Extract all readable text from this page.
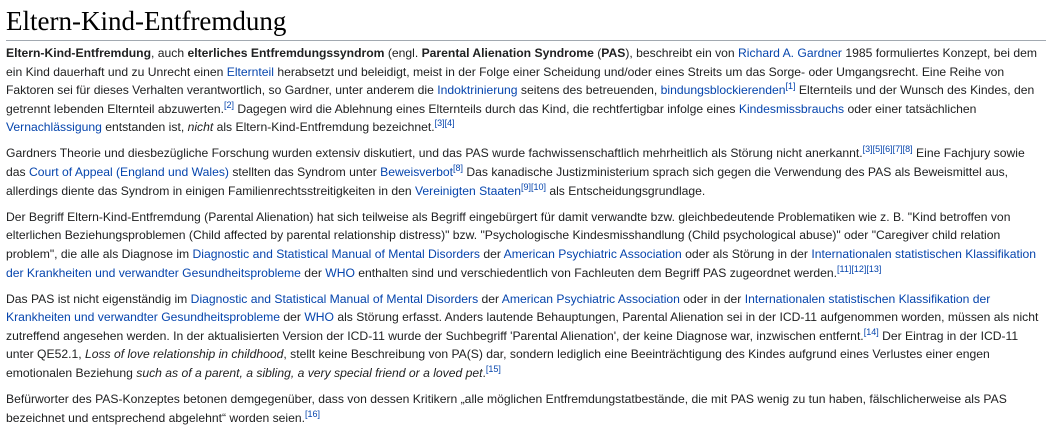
Eltern-Kind-Entfremdung

Eltern-Kind-Entfremdung, auch elterliches Entfremdungssyndrom (engl. Parental Alienation Syndrome (PAS), beschreibt ein von Richard A. Gardner 1985 formuliertes Konzept, bei dem ein Kind dauerhaft und zu Unrecht einen Elternteil herabsetzt und beleidigt, meist in der Folge einer Scheidung und/oder eines Streits um das Sorge- oder Umgangsrecht. Eine Reihe von Faktoren sei für dieses Verhalten verantwortlich, so Gardner, unter anderem die Indoktrinierung seitens des betreuenden, bindungsblockierenden[1] Elternteils und der Wunsch des Kindes, den getrennt lebenden Elternteil abzuwerten.[2] Dagegen wird die Ablehnung eines Elternteils durch das Kind, die rechtfertigbar infolge eines Kindesmissbrauchs oder einer tatsächlichen Vernachlässigung entstanden ist, nicht als Eltern-Kind-Entfremdung bezeichnet.[3][4]

Gardners Theorie und diesbezügliche Forschung wurden extensiv diskutiert, und das PAS wurde fachwissenschaftlich mehrheitlich als Störung nicht anerkannt.[3][5][6][7][8] Eine Fachjury sowie das Court of Appeal (England und Wales) stellten das Syndrom unter Beweisverbot[8] Das kanadische Justizministerium sprach sich gegen die Verwendung des PAS als Beweismittel aus, allerdings diente das Syndrom in einigen Familienrechtsstreitigkeiten in den Vereinigten Staaten[9][10] als Entscheidungsgrundlage.

Der Begriff Eltern-Kind-Entfremdung (Parental Alienation) hat sich teilweise als Begriff eingebürgert für damit verwandte bzw. gleichbedeutende Problematiken wie z. B. "Kind betroffen von elterlichen Beziehungsproblemen (Child affected by parental relationship distress)" bzw. "Psychologische Kindesmisshandlung (Child psychological abuse)" oder "Caregiver child relation problem", die alle als Diagnose im Diagnostic and Statistical Manual of Mental Disorders der American Psychiatric Association oder als Störung in der Internationalen statistischen Klassifikation der Krankheiten und verwandter Gesundheitsprobleme der WHO enthalten sind und verschiedentlich von Fachleuten dem Begriff PAS zugeordnet werden.[11][12][13]

Das PAS ist nicht eigenständig im Diagnostic and Statistical Manual of Mental Disorders der American Psychiatric Association oder in der Internationalen statistischen Klassifikation der Krankheiten und verwandter Gesundheitsprobleme der WHO als Störung erfasst. Anders lautende Behauptungen, Parental Alienation sei in der ICD-11 aufgenommen worden, müssen als nicht zutreffend angesehen werden. In der aktualisierten Version der ICD-11 wurde der Suchbegriff 'Parental Alienation', der keine Diagnose war, inzwischen entfernt.[14] Der Eintrag in der ICD-11 unter QE52.1, Loss of love relationship in childhood, stellt keine Beschreibung von PA(S) dar, sondern lediglich eine Beeinträchtigung des Kindes aufgrund eines Verlustes einer engen emotionalen Beziehung such as of a parent, a sibling, a very special friend or a loved pet.[15]

Befürworter des PAS-Konzeptes betonen demgegenüber, dass von dessen Kritikern „alle möglichen Entfremdungstatbestände, die mit PAS wenig zu tun haben, fälschlicherweise als PAS bezeichnet und entsprechend abgelehnt“ worden seien.[16]
